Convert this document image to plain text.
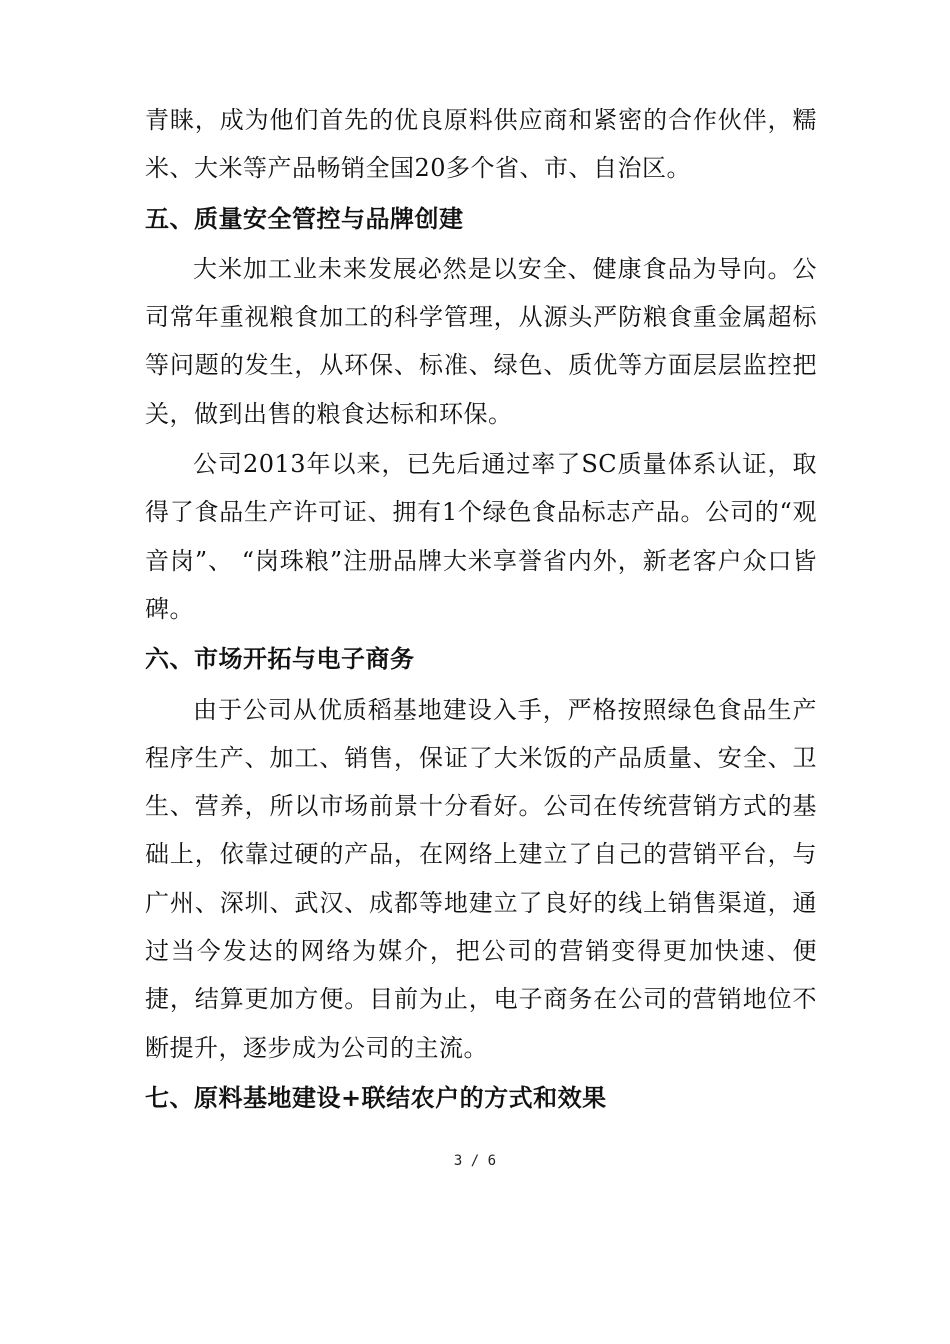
青睐，成为他们首先的优良原料供应商和紧密的合作伙伴，糯米、大米等产品畅销全国20多个省、市、自治区。

五、质量安全管控与品牌创建

大米加工业未来发展必然是以安全、健康食品为导向。公司常年重视粮食加工的科学管理，从源头严防粮食重金属超标等问题的发生，从环保、标准、绿色、质优等方面层层监控把关，做到出售的粮食达标和环保。

公司2013年以来，已先后通过率了SC质量体系认证，取得了食品生产许可证、拥有1个绿色食品标志产品。公司的“观音岗”、 “岗珠粮”注册品牌大米享誉省内外，新老客户众口皆碑。

六、市场开拓与电子商务

由于公司从优质稻基地建设入手，严格按照绿色食品生产程序生产、加工、销售，保证了大米饭的产品质量、安全、卫生、营养，所以市场前景十分看好。公司在传统营销方式的基础上，依靠过硬的产品，在网络上建立了自己的营销平台，与广州、深圳、武汉、成都等地建立了良好的线上销售渠道，通过当今发达的网络为媒介，把公司的营销变得更加快速、便捷，结算更加方便。目前为止，电子商务在公司的营销地位不断提升，逐步成为公司的主流。

七、原料基地建设+联结农户的方式和效果

3 / 6
